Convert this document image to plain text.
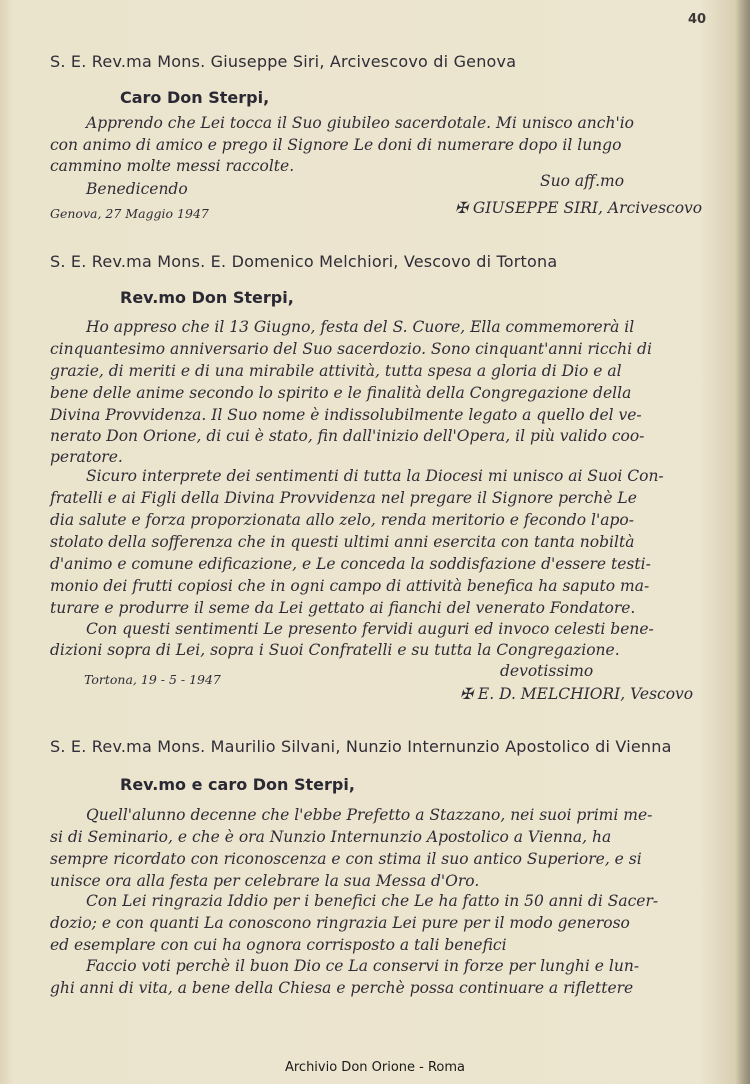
40
S. E. Rev.ma Mons. Giuseppe Siri, Arcivescovo di Genova
Caro Don Sterpi,
Apprendo che Lei tocca il Suo giubileo sacerdotale. Mi unisco anch'io
con animo di amico e prego il Signore Le doni di numerare dopo il lungo
cammino molte messi raccolte.
Benedicendo	Suo aff.mo
Genova, 27 Maggio 1947	✠ GIUSEPPE SIRI, Arcivescovo
S. E. Rev.ma Mons. E. Domenico Melchiori, Vescovo di Tortona
Rev.mo Don Sterpi,
Ho appreso che il 13 Giugno, festa del S. Cuore, Ella commemorerà il
cinquantesimo anniversario del Suo sacerdozio. Sono cinquant'anni ricchi di
grazie, di meriti e di una mirabile attività, tutta spesa a gloria di Dio e al
bene delle anime secondo lo spirito e le finalità della Congregazione della
Divina Provvidenza. Il Suo nome è indissolubilmente legato a quello del ve-
nerato Don Orione, di cui è stato, fin dall'inizio dell'Opera, il più valido coo-
peratore.
Sicuro interprete dei sentimenti di tutta la Diocesi mi unisco ai Suoi Con-
fratelli e ai Figli della Divina Provvidenza nel pregare il Signore perchè Le
dia salute e forza proporzionata allo zelo, renda meritorio e fecondo l'apo-
stolato della sofferenza che in questi ultimi anni esercita con tanta nobiltà
d'animo e comune edificazione, e Le conceda la soddisfazione d'essere testi-
monio dei frutti copiosi che in ogni campo di attività benefica ha saputo ma-
turare e produrre il seme da Lei gettato ai fianchi del venerato Fondatore.
Con questi sentimenti Le presento fervidi auguri ed invoco celesti bene-
dizioni sopra di Lei, sopra i Suoi Confratelli e su tutta la Congregazione.
devotissimo
Tortona, 19 - 5 - 1947
✠ E. D. MELCHIORI, Vescovo
S. E. Rev.ma Mons. Maurilio Silvani, Nunzio Internunzio Apostolico di Vienna
Rev.mo e caro Don Sterpi,
Quell'alunno decenne che l'ebbe Prefetto a Stazzano, nei suoi primi me-
si di Seminario, e che è ora Nunzio Internunzio Apostolico a Vienna, ha
sempre ricordato con riconoscenza e con stima il suo antico Superiore, e si
unisce ora alla festa per celebrare la sua Messa d'Oro.
Con Lei ringrazia Iddio per i benefici che Le ha fatto in 50 anni di Sacer-
dozio; e con quanti La conoscono ringrazia Lei pure per il modo generoso
ed esemplare con cui ha ognora corrisposto a tali benefici
Faccio voti perchè il buon Dio ce La conservi in forze per lunghi e lun-
ghi anni di vita, a bene della Chiesa e perchè possa continuare a riflettere
Archivio Don Orione - Roma
